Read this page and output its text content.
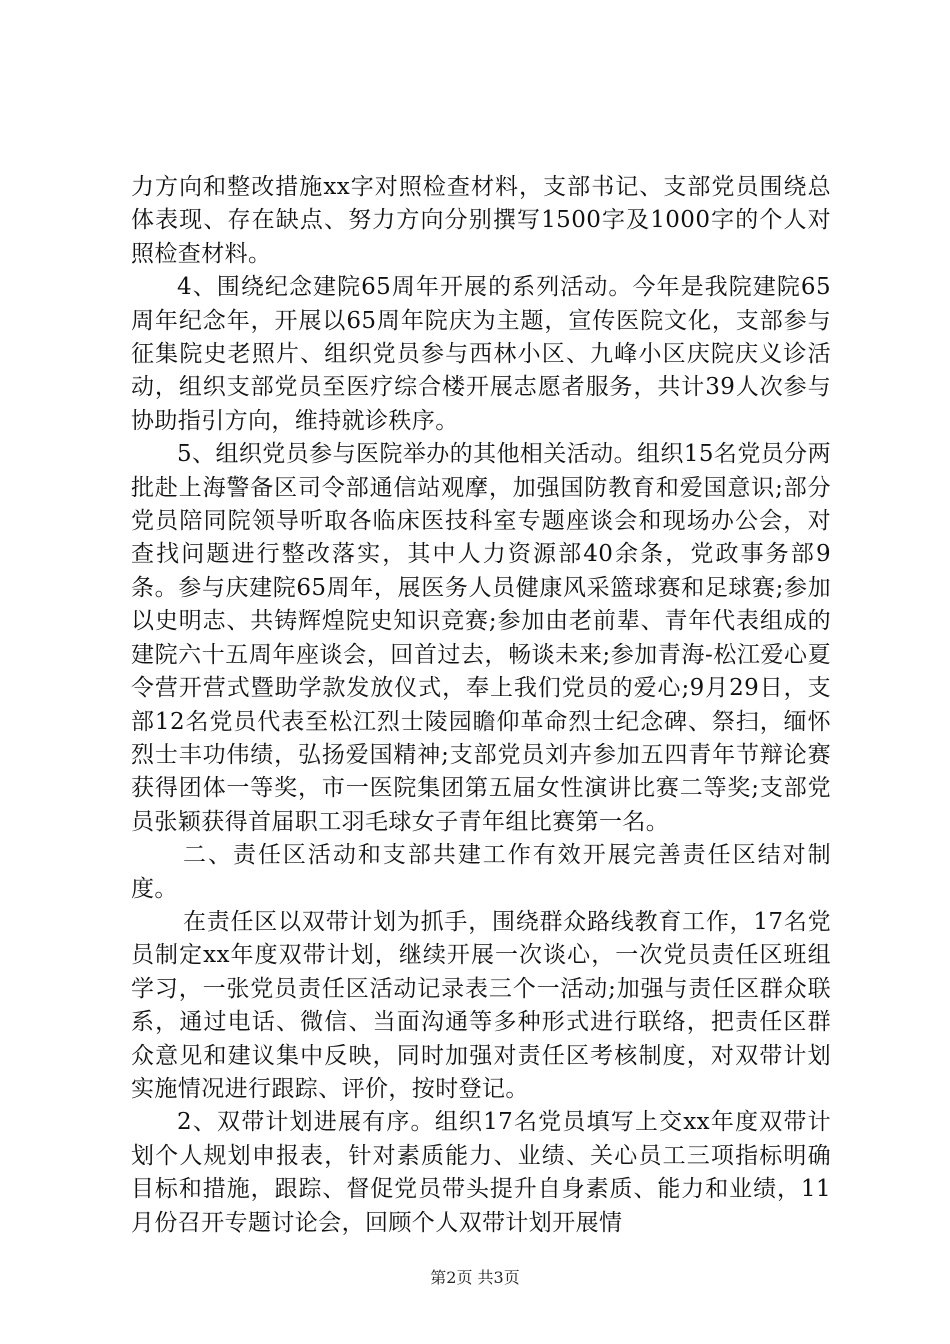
力方向和整改措施xx字对照检查材料，支部书记、支部党员围绕总体表现、存在缺点、努力方向分别撰写1500字及1000字的个人对照检查材料。

4、围绕纪念建院65周年开展的系列活动。今年是我院建院65周年纪念年，开展以65周年院庆为主题，宣传医院文化，支部参与征集院史老照片、组织党员参与西林小区、九峰小区庆院庆义诊活动，组织支部党员至医疗综合楼开展志愿者服务，共计39人次参与协助指引方向，维持就诊秩序。

5、组织党员参与医院举办的其他相关活动。组织15名党员分两批赴上海警备区司令部通信站观摩，加强国防教育和爱国意识;部分党员陪同院领导听取各临床医技科室专题座谈会和现场办公会，对查找问题进行整改落实，其中人力资源部40余条，党政事务部9条。参与庆建院65周年，展医务人员健康风采篮球赛和足球赛;参加以史明志、共铸辉煌院史知识竞赛;参加由老前辈、青年代表组成的建院六十五周年座谈会，回首过去，畅谈未来;参加青海-松江爱心夏令营开营式暨助学款发放仪式，奉上我们党员的爱心;9月29日，支部12名党员代表至松江烈士陵园瞻仰革命烈士纪念碑、祭扫，缅怀烈士丰功伟绩，弘扬爱国精神;支部党员刘卉参加五四青年节辩论赛获得团体一等奖，市一医院集团第五届女性演讲比赛二等奖;支部党员张颖获得首届职工羽毛球女子青年组比赛第一名。

二、责任区活动和支部共建工作有效开展完善责任区结对制度。

在责任区以双带计划为抓手，围绕群众路线教育工作，17名党员制定xx年度双带计划，继续开展一次谈心，一次党员责任区班组学习，一张党员责任区活动记录表三个一活动;加强与责任区群众联系，通过电话、微信、当面沟通等多种形式进行联络，把责任区群众意见和建议集中反映，同时加强对责任区考核制度，对双带计划实施情况进行跟踪、评价，按时登记。

2、双带计划进展有序。组织17名党员填写上交xx年度双带计划个人规划申报表，针对素质能力、业绩、关心员工三项指标明确目标和措施，跟踪、督促党员带头提升自身素质、能力和业绩，11月份召开专题讨论会，回顾个人双带计划开展情

第2页 共3页
